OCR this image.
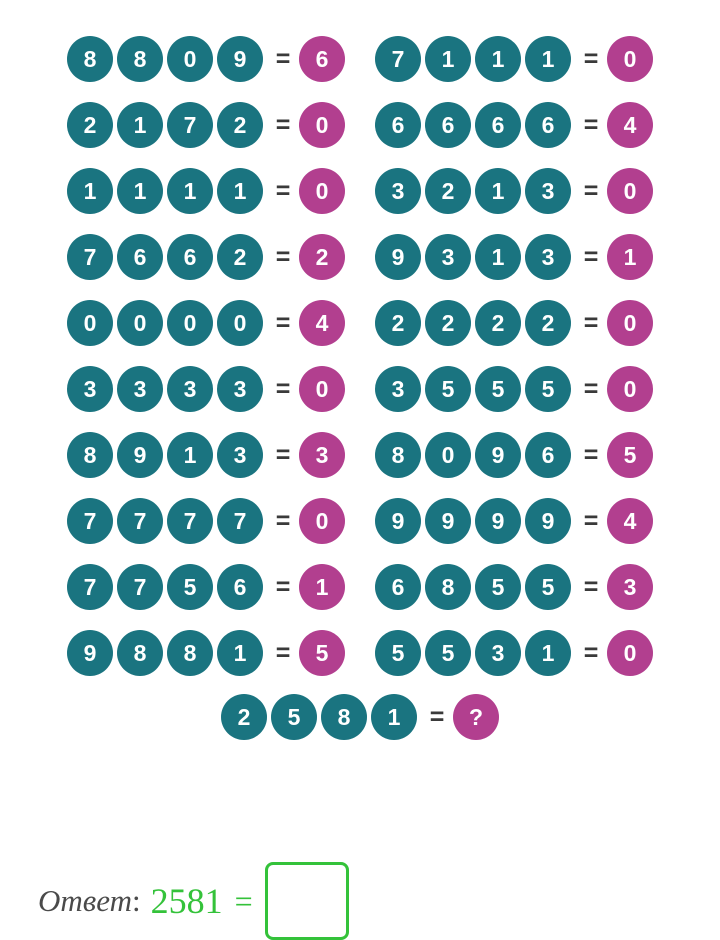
8	8	0	9	=	6
2	1	7	2	=	0
1	1	1	1	=	0
7	6	6	2	=	2
0	0	0	0	=	4
3	3	3	3	=	0
8	9	1	3	=	3
7	7	7	7	=	0
7	7	5	6	=	1
9	8	8	1	=	5
7	1	1	1	=	0
6	6	6	6	=	4
3	2	1	3	=	0
9	3	1	3	=	1
2	2	2	2	=	0
3	5	5	5	=	0
8	0	9	6	=	5
9	9	9	9	=	4
6	8	5	5	=	3
5	5	3	1	=	0
2	5	8	1	=	?
Ответ : 2581 =
